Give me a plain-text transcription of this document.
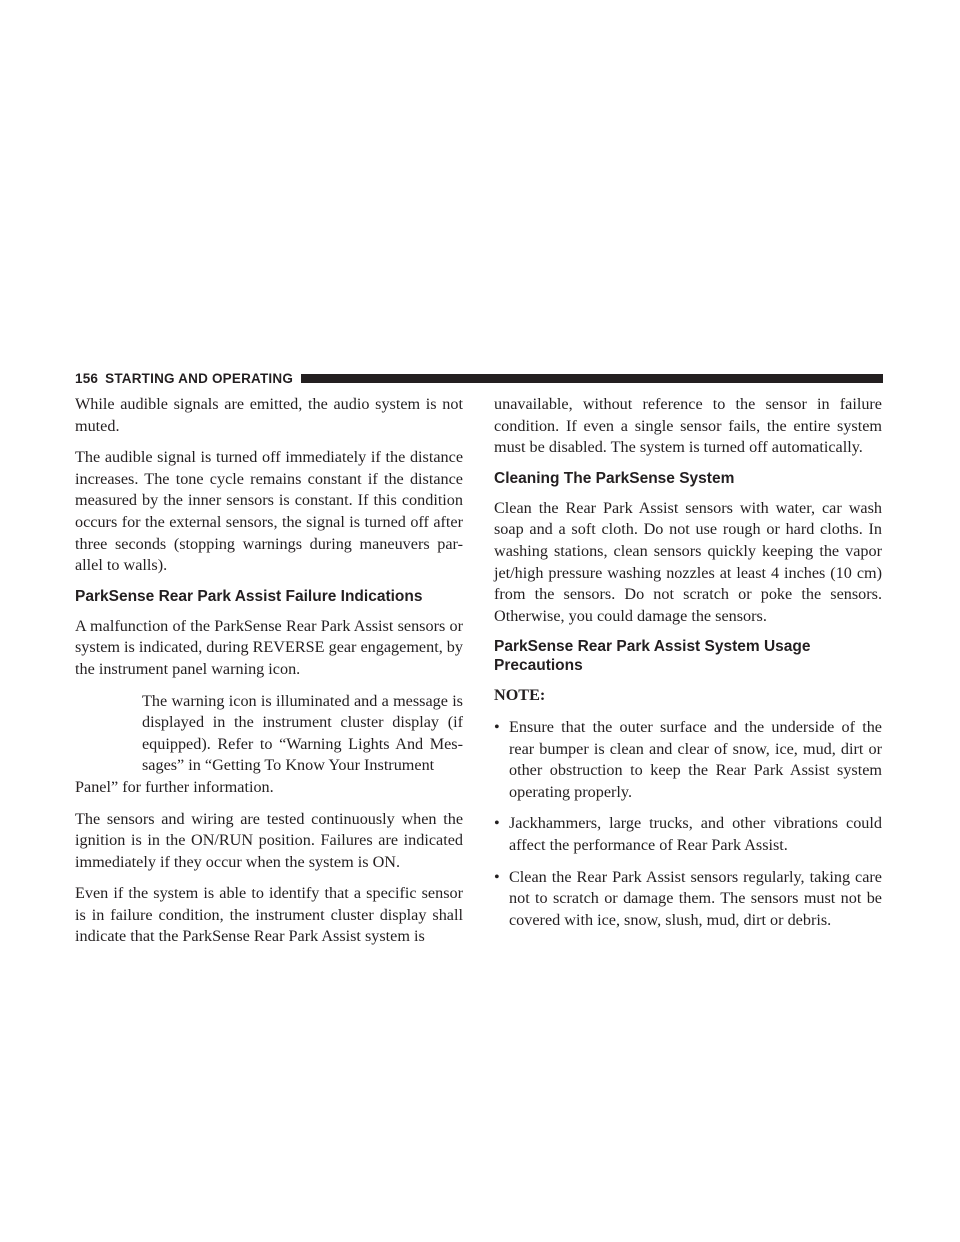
156 STARTING AND OPERATING

While audible signals are emitted, the audio system is not muted.

The audible signal is turned off immediately if the distance increases. The tone cycle remains constant if the distance measured by the inner sensors is constant. If this condition occurs for the external sensors, the signal is turned off after three seconds (stopping warnings during maneuvers par-allel to walls).

ParkSense Rear Park Assist Failure Indications

A malfunction of the ParkSense Rear Park Assist sensors or system is indicated, during REVERSE gear engagement, by the instrument panel warning icon.

The warning icon is illuminated and a message is displayed in the instrument cluster display (if equipped). Refer to “Warning Lights And Mes-sages” in “Getting To Know Your Instrument

Panel” for further information.

The sensors and wiring are tested continuously when the ignition is in the ON/RUN position. Failures are indicated immediately if they occur when the system is ON.

Even if the system is able to identify that a specific sensor is in failure condition, the instrument cluster display shall indicate that the ParkSense Rear Park Assist system is

unavailable, without reference to the sensor in failure condition. If even a single sensor fails, the entire system must be disabled. The system is turned off automatically.

Cleaning The ParkSense System

Clean the Rear Park Assist sensors with water, car wash soap and a soft cloth. Do not use rough or hard cloths. In washing stations, clean sensors quickly keeping the vapor jet/high pressure washing nozzles at least 4 inches (10 cm) from the sensors. Do not scratch or poke the sensors. Otherwise, you could damage the sensors.

ParkSense Rear Park Assist System Usage
Precautions

NOTE:

• Ensure that the outer surface and the underside of the rear bumper is clean and clear of snow, ice, mud, dirt or other obstruction to keep the Rear Park Assist system operating properly.
• Jackhammers, large trucks, and other vibrations could affect the performance of Rear Park Assist.
• Clean the Rear Park Assist sensors regularly, taking care not to scratch or damage them. The sensors must not be covered with ice, snow, slush, mud, dirt or debris.
